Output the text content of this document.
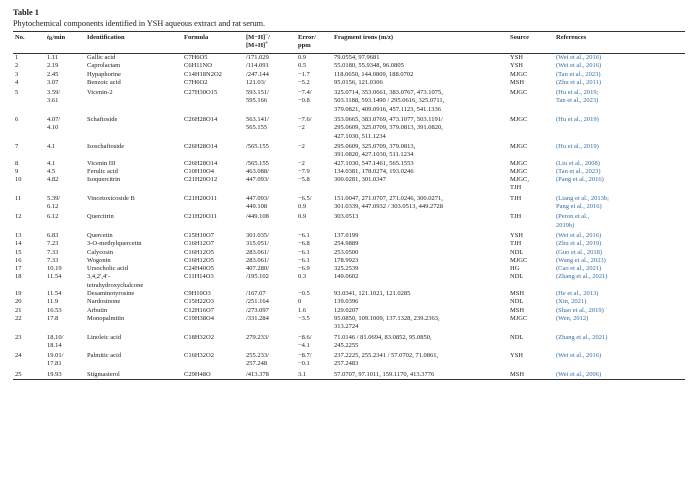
Table 1
Phytochemical components identified in YSH aqueous extract and rat serum.
No.	$t_R/\min$	Identification	Formula	[M−H]−/
[M+H]+	Error/
ppm	Fragment irons (m/z)	Source	References
1	1.11	Gallic acid	C7H6O5	/171.029	0.9	79.0554, 97.9681	YSH	(Wei et al., 2016)
2	2.19	Caprolactam	C6H11NO	/114.091	0.5	55.0180, 55.9348, 96.0805	YSH	(Wei et al., 2016)
3	2.45	Hypaphorine	C14H18N2O2	/247.144	−1.7	118.0650, 144.0809, 188.0702	MJGC	(Tan et al., 2023)
4	3.07	Benzoic acid	C7H6O2	121.03/	−5.2	95.0156, 121.0306	MSH	(Zhu et al., 2011)
5	3.59/
3.61	Vicenin-2	C27H30O15	593.151/
595.166	−7.4/
−0.8	325.0714, 353.0661, 383.0767, 473.1075,
503.1188, 593.1490 / 295.0616, 325.0711,
379.0821, 409.0916, 457.1123, 541.1336	MJGC	(Hu et al., 2019;
Tan et al., 2023)
6	4.07/
4.10	Schaftoside	C26H28O14	563.141/
565.155	−7.6/
−2	353.0665, 383.0769, 473.1077, 503.1191/
295.0609, 325.0709, 379.0813, 391.0820,
427.1030, 511.1234	MJGC	(Hu et al., 2019)
7	4.1	Isoschaftoside	C26H28O14	/565.155	−2	295.0609, 325.0709, 379.0813,
391.0820, 427.1030, 511.1234	MJGC	(Hu et al., 2019)
8	4.1	Vicenin III	C26H28O14	/565.155	−2	427.1030, 547.1461, 565.1553	MJGC	(Liu et al., 2008)
9	4.5	Ferulic acid	C10H10O4	463.088/	−7.9	134.0381, 178.0274, 193.0246	MJGC	(Tan et al., 2023)
10	4.82	Isoquercitrin	C21H20O12	447.093/	−5.8	300.0281, 301.0347	MJGC,
TJH	(Pang et al., 2016)
11	5.39/
6.12	Vincetoxicoside B	C21H20O11	447.093/
449.108	−6.5/
0.9	151.0047, 271.0707, 271.0246, 300.0271,
301.0339, 447.0932 / 303.0513, 449.2728	TJH	(Liang et al., 2013b;
Pang et al., 2016)
12	6.12	Quercitrin	C21H20O11	/449.108	0.9	303.0513	TJH	(Peron et al.,
2019b)
13	6.83	Quercetin	C15H10O7	301.035/	−6.1	137.0199	YSH	(Wei et al., 2016)
14	7.23	3-O-methylquercetin	C16H12O7	315.051/	−6.8	254.9889	TJH	(Zhu et al., 2019)
15	7.33	Calycosin	C16H12O5	283.061/	−6.1	253.0500	NDL	(Guo et al., 2018)
16	7.33	Wogonin	C16H12O5	283.061/	−6.1	178.9923	MJGC	(Wang et al., 2023)
17	10.19	Ursocholic acid	C24H40O5	407.280/	−6.9	325.2539	HG	(Cao et al., 2021)
18	11.54	3,4,2′,4′-
tetrahydroxychalcone	C11H14O3	/195.102	0.3	149.0602	NDL	(Zhang et al., 2021)
19	11.54	Desaminotyrosine	C9H10O3	/167.07	−0.5	93.0341, 121.1021, 121.0285	MSH	(He et al., 2013)
20	11.9	Nardosinone	C15H22O3	/251.164	0	139.0396	NDL	(Xin, 2021)
21	16.53	Arbutin	C12H16O7	/273.097	1.6	129.0207	MSH	(Shao et al., 2019)
22	17.8	Monopalmitin	C19H38O4	/331.284	−3.5	95.0850, 109.1009, 137.1328, 239.2363,
313.2724	MJGC	(Wen, 2012)
23	18.10/
18.14	Linoleic acid	C18H32O2	279.233/	−8.6/
−4.1	71.0146 / 81.0694, 83.0852, 95.0850,
245.2255	NDL	(Zhang et al., 2021)
24	19.01/
17.81	Palmitic acid	C16H32O2	255.233/
257.248	−8.7/
−0.1	237.2225, 255.2341 / 57.0702, 71.0861,
257.2483	YSH	(Wei et al., 2016)
25	19.93	Stigmasterol	C29H48O	/413.378	3.1	57.0707, 97.1011, 159.1170, 413.3776	MSH	(Wei et al., 2006)
